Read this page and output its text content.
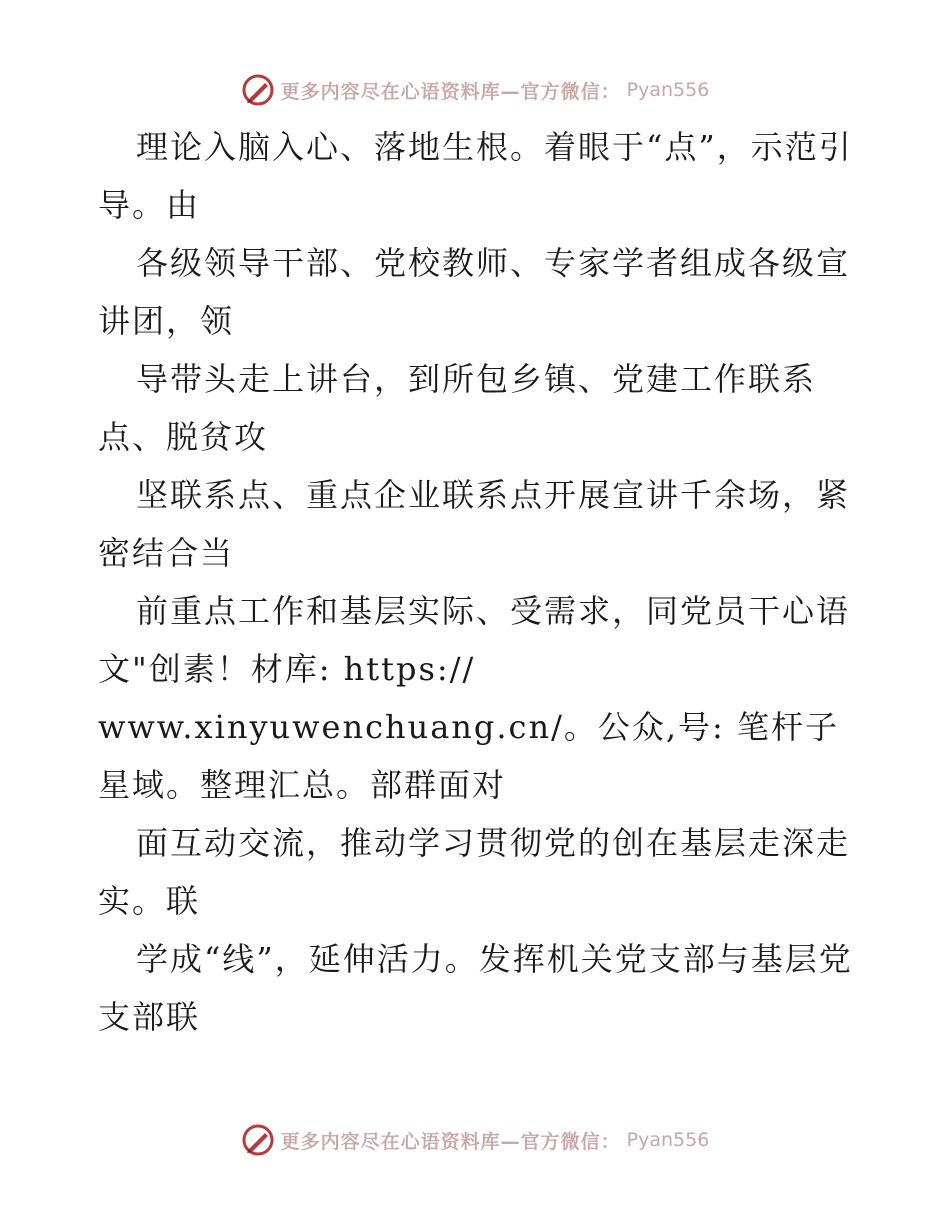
更多内容尽在心语资料库—官方微信： Pyan556

理论入脑入心、落地生根。着眼于“点”，示范引导。由

各级领导干部、党校教师、专家学者组成各级宣讲团，领

导带头走上讲台，到所包乡镇、党建工作联系点、脱贫攻

坚联系点、重点企业联系点开展宣讲千余场，紧密结合当

前重点工作和基层实际、受需求，同党员干心语文"创素！材库: https://

www.xinyuwenchuang.cn/。公众,号: 笔杆子星域。整理汇总。部群面对

面互动交流，推动学习贯彻党的创在基层走深走实。联

学成“线”，延伸活力。发挥机关党支部与基层党支部联

更多内容尽在心语资料库—官方微信： Pyan556
